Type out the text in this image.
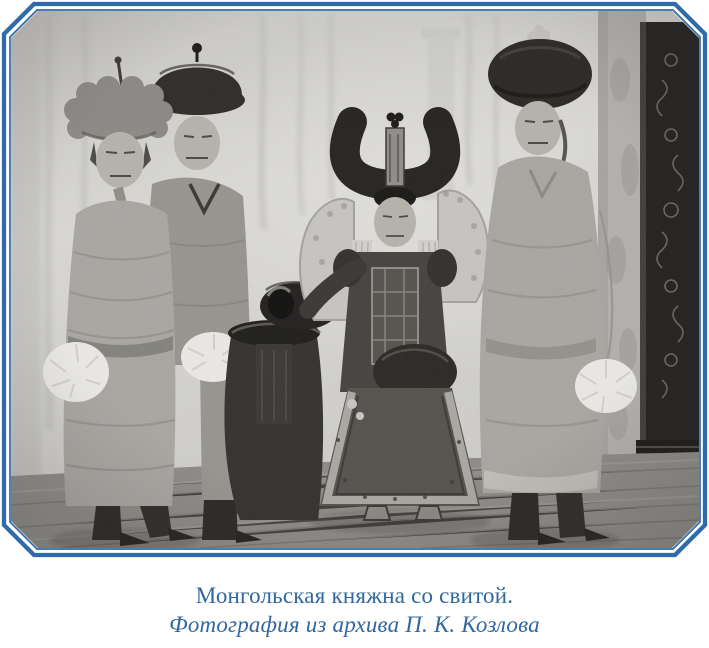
Монгольская княжна со свитой.
Фотография из архива П. К. Козлова
